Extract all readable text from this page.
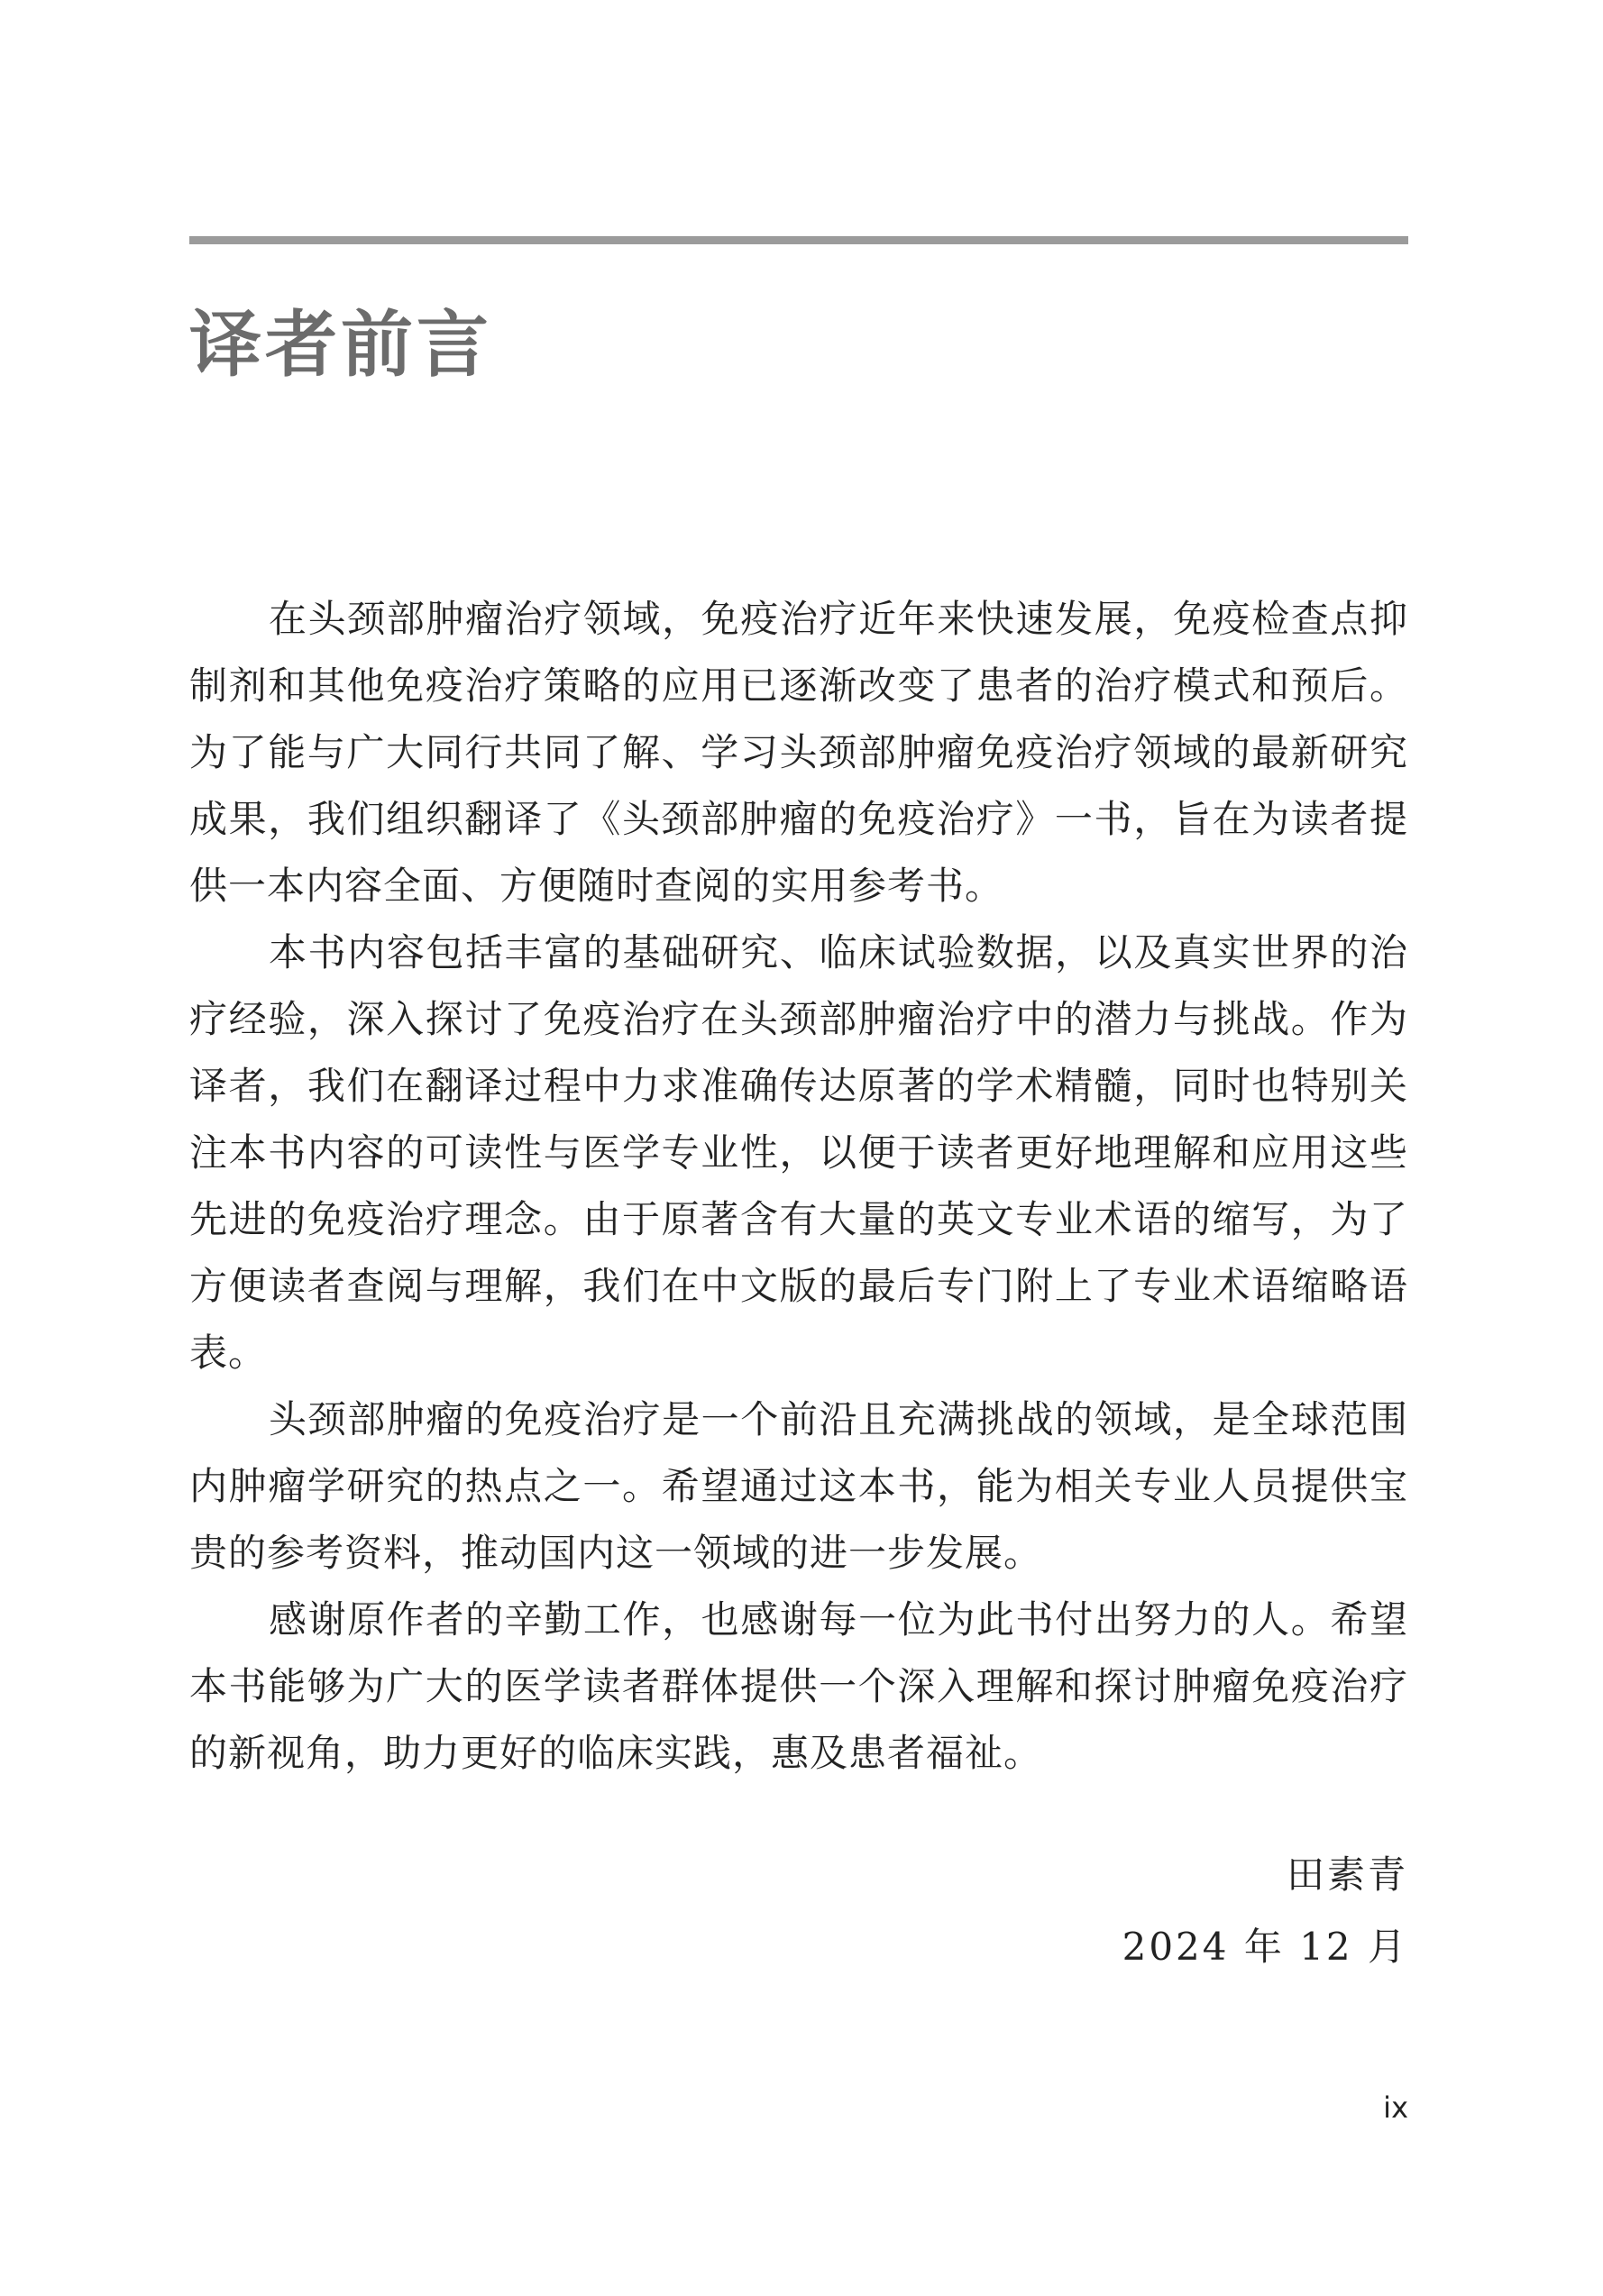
译者前言

在头颈部肿瘤治疗领域，免疫治疗近年来快速发展，免疫检查点抑制剂和其他免疫治疗策略的应用已逐渐改变了患者的治疗模式和预后。为了能与广大同行共同了解、学习头颈部肿瘤免疫治疗领域的最新研究成果，我们组织翻译了《头颈部肿瘤的免疫治疗》一书，旨在为读者提供一本内容全面、方便随时查阅的实用参考书。

本书内容包括丰富的基础研究、临床试验数据，以及真实世界的治疗经验，深入探讨了免疫治疗在头颈部肿瘤治疗中的潜力与挑战。作为译者，我们在翻译过程中力求准确传达原著的学术精髓，同时也特别关注本书内容的可读性与医学专业性，以便于读者更好地理解和应用这些先进的免疫治疗理念。由于原著含有大量的英文专业术语的缩写，为了方便读者查阅与理解，我们在中文版的最后专门附上了专业术语缩略语表。

头颈部肿瘤的免疫治疗是一个前沿且充满挑战的领域，是全球范围内肿瘤学研究的热点之一。希望通过这本书，能为相关专业人员提供宝贵的参考资料，推动国内这一领域的进一步发展。

感谢原作者的辛勤工作，也感谢每一位为此书付出努力的人。希望本书能够为广大的医学读者群体提供一个深入理解和探讨肿瘤免疫治疗的新视角，助力更好的临床实践，惠及患者福祉。

田素青
2024 年 12 月
ix
